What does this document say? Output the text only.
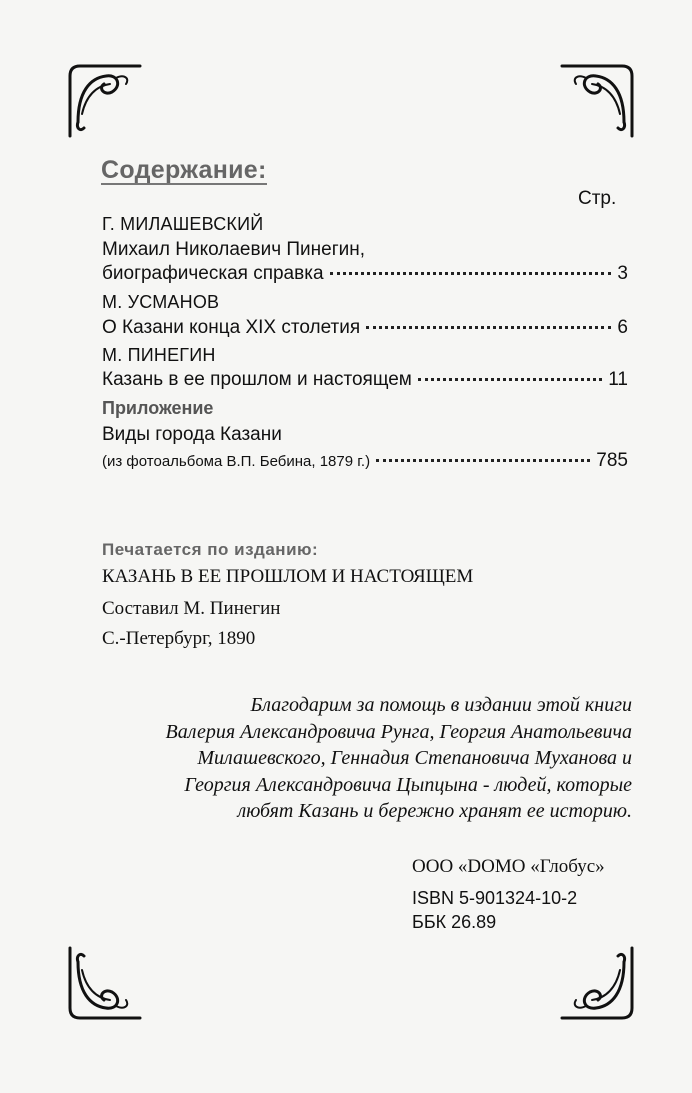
Содержание:
Стр.
Г. МИЛАШЕВСКИЙ
Михаил Николаевич Пинегин,
биографическая справка	3
М. УСМАНОВ
О Казани конца XIX столетия	6
М. ПИНЕГИН
Казань в ее прошлом и настоящем	11
Приложение
Виды города Казани
(из фотоальбома В.П. Бебина, 1879 г.)	785
Печатается по изданию:
КАЗАНЬ В ЕЕ ПРОШЛОМ И НАСТОЯЩЕМ
Составил М. Пинегин
С.-Петербург, 1890
Благодарим за помощь в издании этой книги
Валерия Александровича Рунга, Георгия Анатольевича
Милашевского, Геннадия Степановича Муханова и
Георгия Александровича Цыпцына - людей, которые
любят Казань и бережно хранят ее историю.
ООО «DOMO «Глобус»
ISBN 5-901324-10-2
ББК 26.89
